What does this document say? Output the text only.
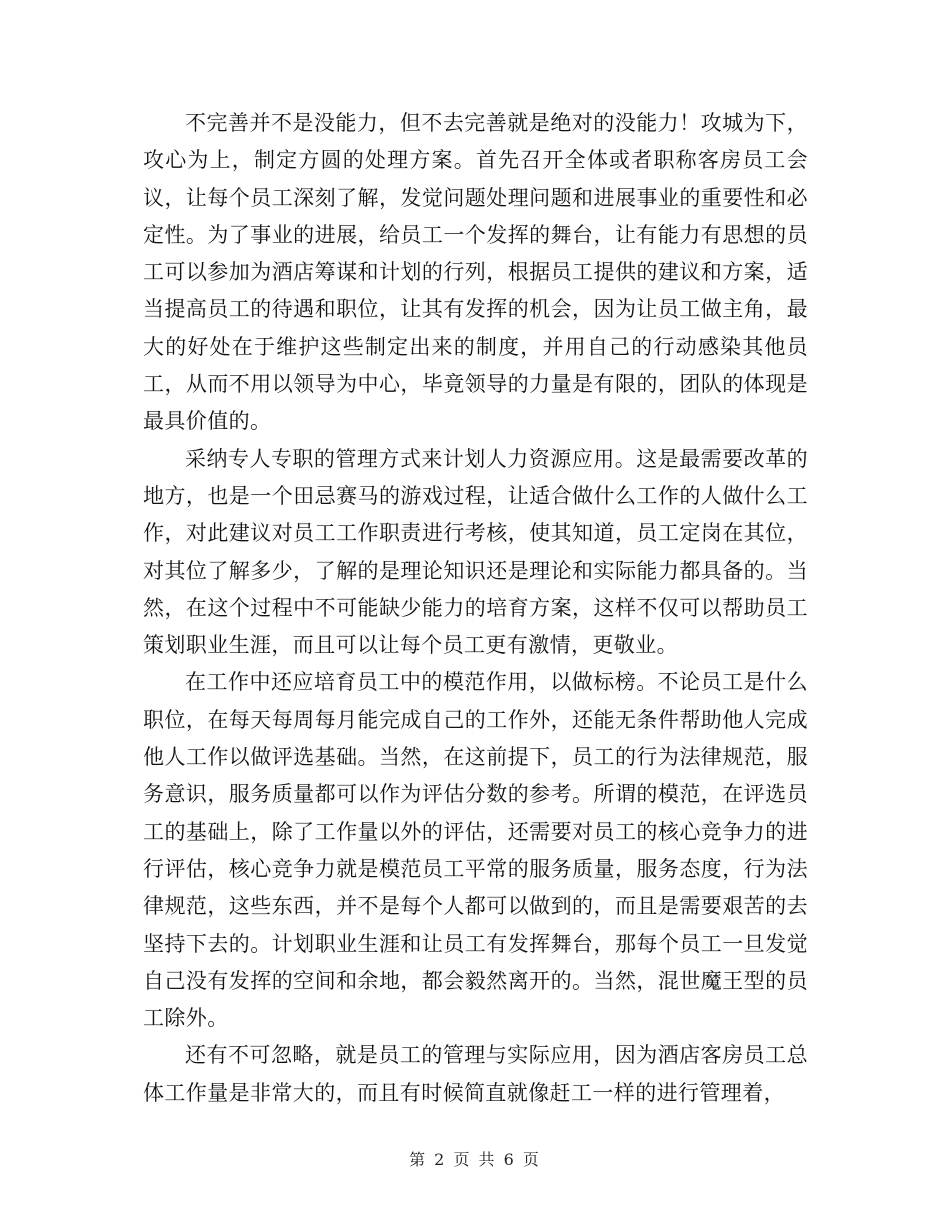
不完善并不是没能力，但不去完善就是绝对的没能力！攻城为下，攻心为上，制定方圆的处理方案。首先召开全体或者职称客房员工会议，让每个员工深刻了解，发觉问题处理问题和进展事业的重要性和必定性。为了事业的进展，给员工一个发挥的舞台，让有能力有思想的员工可以参加为酒店筹谋和计划的行列，根据员工提供的建议和方案，适当提高员工的待遇和职位，让其有发挥的机会，因为让员工做主角，最大的好处在于维护这些制定出来的制度，并用自己的行动感染其他员工，从而不用以领导为中心，毕竟领导的力量是有限的，团队的体现是最具价值的。

采纳专人专职的管理方式来计划人力资源应用。这是最需要改革的地方，也是一个田忌赛马的游戏过程，让适合做什么工作的人做什么工作，对此建议对员工工作职责进行考核，使其知道，员工定岗在其位，对其位了解多少，了解的是理论知识还是理论和实际能力都具备的。当然，在这个过程中不可能缺少能力的培育方案，这样不仅可以帮助员工策划职业生涯，而且可以让每个员工更有激情，更敬业。

在工作中还应培育员工中的模范作用，以做标榜。不论员工是什么职位，在每天每周每月能完成自己的工作外，还能无条件帮助他人完成他人工作以做评选基础。当然，在这前提下，员工的行为法律规范，服务意识，服务质量都可以作为评估分数的参考。所谓的模范，在评选员工的基础上，除了工作量以外的评估，还需要对员工的核心竞争力的进行评估，核心竞争力就是模范员工平常的服务质量，服务态度，行为法律规范，这些东西，并不是每个人都可以做到的，而且是需要艰苦的去坚持下去的。计划职业生涯和让员工有发挥舞台，那每个员工一旦发觉自己没有发挥的空间和余地，都会毅然离开的。当然，混世魔王型的员工除外。

还有不可忽略，就是员工的管理与实际应用，因为酒店客房员工总体工作量是非常大的，而且有时候简直就像赶工一样的进行管理着，

第 2 页 共 6 页
